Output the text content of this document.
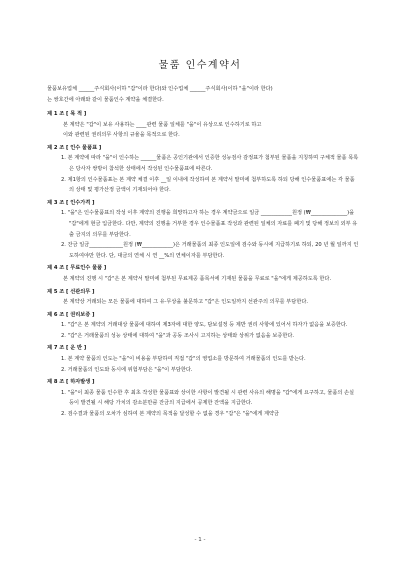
물품 인수계약서

물품보유업체 ______주식회사(이하 "갑"이라 한다)와 인수업체 ______주식회사(이하 "을"이라 한다)

는 쌍호간에 아래와 같이 물품인수 계약을 체결한다.

제 1 조 [ 목 적 ]

본 계약은 "갑"이 보유 사용하는 ____관련 물품 일체를 "을"이 유상으로 인수하기로 하고

이와 관련된 권리의무 사항의 규율을 목적으로 한다.

제 2 조 [ 인수 물품표 ]

1. 본 계약에 따라 "을"이 인수하는 ______물품은 공인기관에서 인증한 성능검사 감정표가 첨부된 물품을 지칭하며 구체적 물품 목록은 당사자 쌍방이 참석한 상태에서 작성된 인수물품표에 따른다.

2. 제1항의 인수물품표는 본 계약 체결 이후 __일 이내에 작성하여 본 계약서 말미에 첨부하도록 하되 당해 인수물품표에는 각 물품의 상태 및 평가산정 금액이 기재되어야 한다.

제 3 조 [ 인수가격 ]

1. "을"은 인수물품표의 작성 이후 계약의 진행을 희망하고자 하는 경우 계약금으로 일금 ____________원정 (₩______________)을 "갑"에게 현금 입금한다. 다만, 계약의 진행을 거부한 경우 인수물품표 작성과 관련된 일체의 자료를 폐기 및 당해 정보의 외부 유출 금지의 의무를 부담한다.

2. 잔금 일금_____________원정 (₩____________)은 거래물품의 최종 인도일에 검수와 동시에 지급하기로 하되, 20 년 월 일까지 인도하여야만 한다. 단, 대금의 연체 시 연 __%의 연체이자를 부담한다.

제 4 조 [ 무료인수 물품 ]

본 계약의 진행 시 "갑"은 본 계약서 말미에 첨부된 무료제공 품목서에 기재된 물품을 무료로 "을"에게 제공하도록 한다.

제 5 조 [ 선관의무 ]

본 계약상 거래되는 모든 물품에 대하여 그 유·무상을 불문하고 "갑"은 인도일까지 선관주의 의무를 부담한다.

제 6 조 [ 권리보증 ]

1. "갑"은 본 계약의 거래대상 물품에 대하여 제3자에 대한 양도, 담보설정 등 제반 권리 사항에 있어서 하자가 없음을 보증한다.

2. "갑"은 거래물품의 성능 상태에 대하여 "을"과 공동 조사시 고지하는 상태와 상위가 없음을 보증한다.

제 7 조 [ 운 반 ]

1. 본 계약 물품의 인도는 "을"이 비용을 부담하여 직접 "갑"의 영업소를 방문하여 거래물품의 인도를 받는다.

2. 거래물품의 인도와 동시에 위험부담은 "을"이 부담한다.

제 8 조 [ 하자발생 ]

1. "을"이 최종 물품 인수한 후 최초 작성한 물품표와 상이한 사항이 발견될 시 관련 사유의 해명을 "갑"에게 요구하고, 물품의 손실 등이 발견될 시 해당 가치의 감소분만큼 잔금의 지급에서 공제한 잔액을 지급한다.

2. 검수결과 물품의 오차가 심하여 본 계약의 목적을 달성할 수 없을 경우 "갑"은 "을"에게 계약금

- 1 -
